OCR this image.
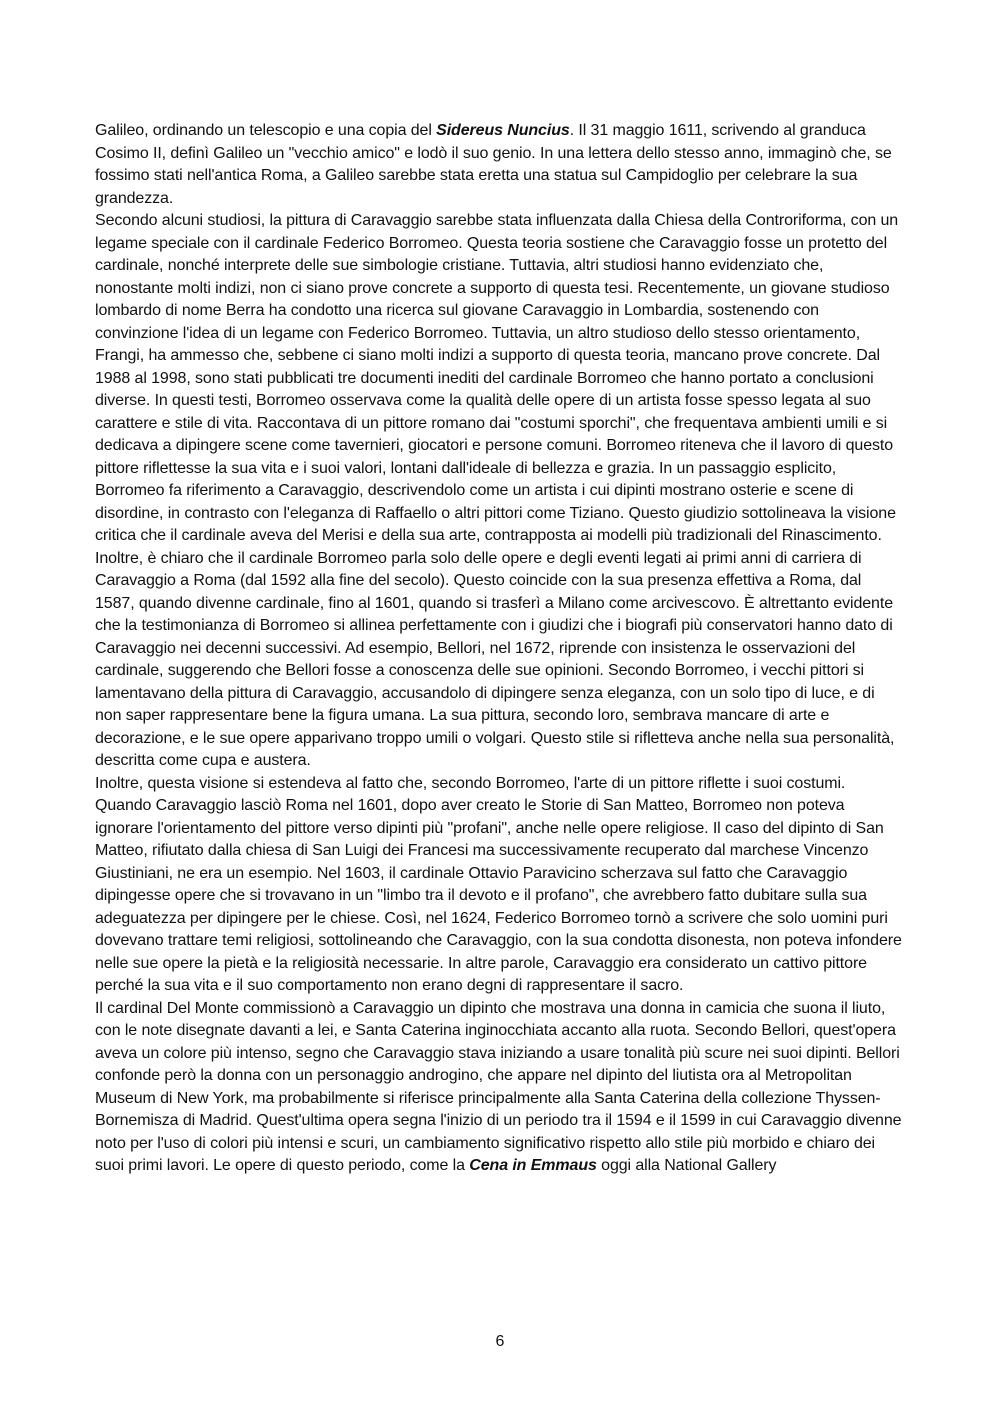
Galileo, ordinando un telescopio e una copia del Sidereus Nuncius. Il 31 maggio 1611, scrivendo al granduca Cosimo II, definì Galileo un "vecchio amico" e lodò il suo genio. In una lettera dello stesso anno, immaginò che, se fossimo stati nell'antica Roma, a Galileo sarebbe stata eretta una statua sul Campidoglio per celebrare la sua grandezza.

Secondo alcuni studiosi, la pittura di Caravaggio sarebbe stata influenzata dalla Chiesa della Controriforma, con un legame speciale con il cardinale Federico Borromeo. Questa teoria sostiene che Caravaggio fosse un protetto del cardinale, nonché interprete delle sue simbologie cristiane. Tuttavia, altri studiosi hanno evidenziato che, nonostante molti indizi, non ci siano prove concrete a supporto di questa tesi. Recentemente, un giovane studioso lombardo di nome Berra ha condotto una ricerca sul giovane Caravaggio in Lombardia, sostenendo con convinzione l'idea di un legame con Federico Borromeo. Tuttavia, un altro studioso dello stesso orientamento, Frangi, ha ammesso che, sebbene ci siano molti indizi a supporto di questa teoria, mancano prove concrete. Dal 1988 al 1998, sono stati pubblicati tre documenti inediti del cardinale Borromeo che hanno portato a conclusioni diverse. In questi testi, Borromeo osservava come la qualità delle opere di un artista fosse spesso legata al suo carattere e stile di vita. Raccontava di un pittore romano dai "costumi sporchi", che frequentava ambienti umili e si dedicava a dipingere scene come tavernieri, giocatori e persone comuni. Borromeo riteneva che il lavoro di questo pittore riflettesse la sua vita e i suoi valori, lontani dall'ideale di bellezza e grazia. In un passaggio esplicito, Borromeo fa riferimento a Caravaggio, descrivendolo come un artista i cui dipinti mostrano osterie e scene di disordine, in contrasto con l'eleganza di Raffaello o altri pittori come Tiziano. Questo giudizio sottolineava la visione critica che il cardinale aveva del Merisi e della sua arte, contrapposta ai modelli più tradizionali del Rinascimento. Inoltre, è chiaro che il cardinale Borromeo parla solo delle opere e degli eventi legati ai primi anni di carriera di Caravaggio a Roma (dal 1592 alla fine del secolo). Questo coincide con la sua presenza effettiva a Roma, dal 1587, quando divenne cardinale, fino al 1601, quando si trasferì a Milano come arcivescovo. È altrettanto evidente che la testimonianza di Borromeo si allinea perfettamente con i giudizi che i biografi più conservatori hanno dato di Caravaggio nei decenni successivi. Ad esempio, Bellori, nel 1672, riprende con insistenza le osservazioni del cardinale, suggerendo che Bellori fosse a conoscenza delle sue opinioni. Secondo Borromeo, i vecchi pittori si lamentavano della pittura di Caravaggio, accusandolo di dipingere senza eleganza, con un solo tipo di luce, e di non saper rappresentare bene la figura umana. La sua pittura, secondo loro, sembrava mancare di arte e decorazione, e le sue opere apparivano troppo umili o volgari. Questo stile si rifletteva anche nella sua personalità, descritta come cupa e austera.

Inoltre, questa visione si estendeva al fatto che, secondo Borromeo, l'arte di un pittore riflette i suoi costumi. Quando Caravaggio lasciò Roma nel 1601, dopo aver creato le Storie di San Matteo, Borromeo non poteva ignorare l'orientamento del pittore verso dipinti più "profani", anche nelle opere religiose. Il caso del dipinto di San Matteo, rifiutato dalla chiesa di San Luigi dei Francesi ma successivamente recuperato dal marchese Vincenzo Giustiniani, ne era un esempio. Nel 1603, il cardinale Ottavio Paravicino scherzava sul fatto che Caravaggio dipingesse opere che si trovavano in un "limbo tra il devoto e il profano", che avrebbero fatto dubitare sulla sua adeguatezza per dipingere per le chiese. Così, nel 1624, Federico Borromeo tornò a scrivere che solo uomini puri dovevano trattare temi religiosi, sottolineando che Caravaggio, con la sua condotta disonesta, non poteva infondere nelle sue opere la pietà e la religiosità necessarie. In altre parole, Caravaggio era considerato un cattivo pittore perché la sua vita e il suo comportamento non erano degni di rappresentare il sacro.

Il cardinal Del Monte commissionò a Caravaggio un dipinto che mostrava una donna in camicia che suona il liuto, con le note disegnate davanti a lei, e Santa Caterina inginocchiata accanto alla ruota. Secondo Bellori, quest'opera aveva un colore più intenso, segno che Caravaggio stava iniziando a usare tonalità più scure nei suoi dipinti. Bellori confonde però la donna con un personaggio androgino, che appare nel dipinto del liutista ora al Metropolitan Museum di New York, ma probabilmente si riferisce principalmente alla Santa Caterina della collezione Thyssen-Bornemisza di Madrid. Quest'ultima opera segna l'inizio di un periodo tra il 1594 e il 1599 in cui Caravaggio divenne noto per l'uso di colori più intensi e scuri, un cambiamento significativo rispetto allo stile più morbido e chiaro dei suoi primi lavori. Le opere di questo periodo, come la Cena in Emmaus oggi alla National Gallery

6
